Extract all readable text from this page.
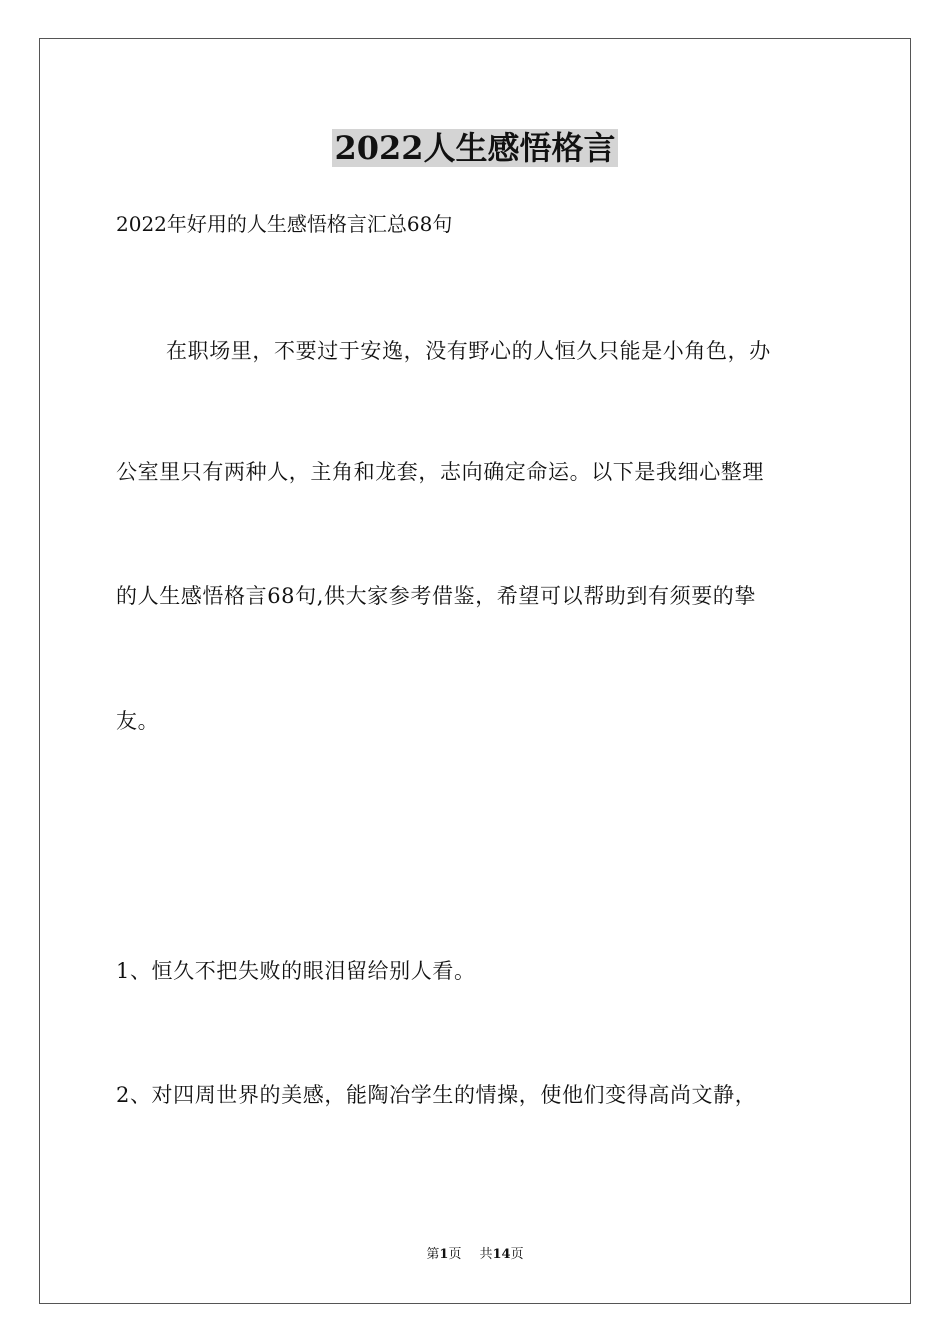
2022人生感悟格言
2022年好用的人生感悟格言汇总68句
在职场里，不要过于安逸，没有野心的人恒久只能是小角色，办
公室里只有两种人，主角和龙套，志向确定命运。以下是我细心整理
的人生感悟格言68句,供大家参考借鉴，希望可以帮助到有须要的挚
友。
1、恒久不把失败的眼泪留给别人看。
2、对四周世界的美感，能陶冶学生的情操，使他们变得高尚文静，
第1页 共14页
